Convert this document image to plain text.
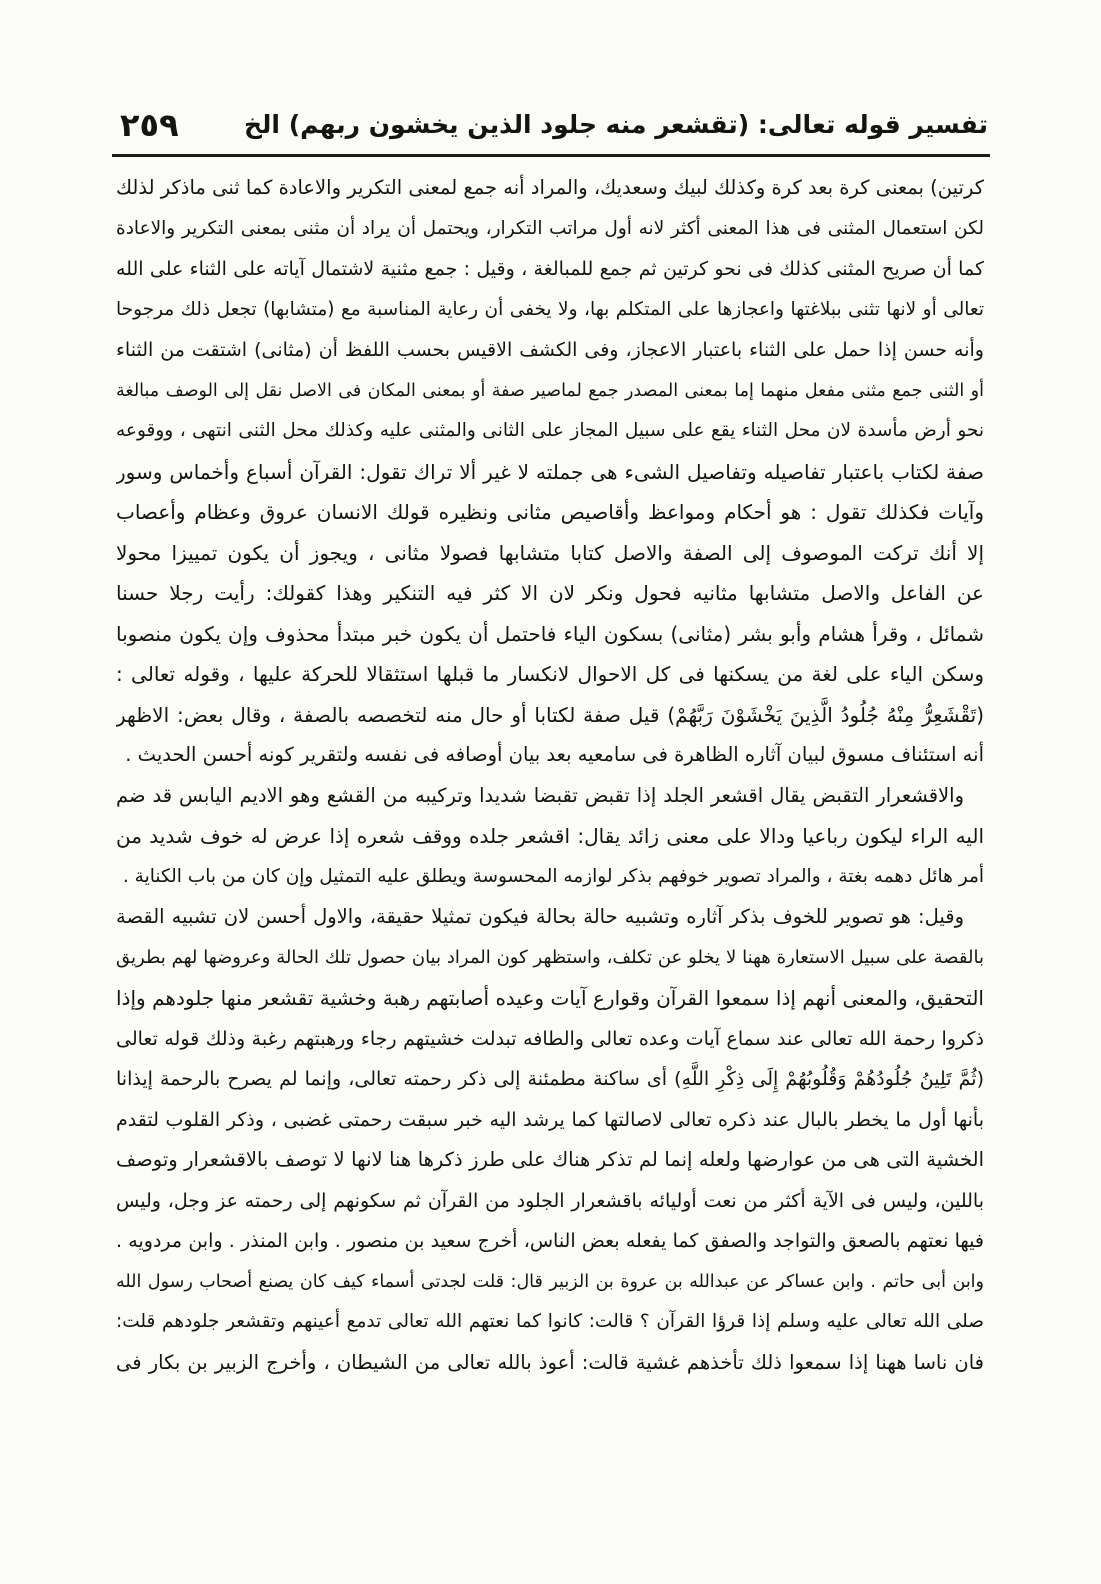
تفسير قوله تعالى: (تقشعر منه جلود الذين يخشون ربهم) الخ
٢٥٩
كرتين) بمعنى كرة بعد كرة وكذلك لبيك وسعديك، والمراد أنه جمع لمعنى التكرير والاعادة كما ثنى ماذكر لذلك
لكن استعمال المثنى فى هذا المعنى أكثر لانه أول مراتب التكرار، ويحتمل أن يراد أن مثنى بمعنى التكرير والاعادة
كما أن صريح المثنى كذلك فى نحو كرتين ثم جمع للمبالغة ، وقيل : جمع مثنية لاشتمال آياته على الثناء على الله
تعالى أو لانها تثنى ببلاغتها واعجازها على المتكلم بها، ولا يخفى أن رعاية المناسبة مع (متشابها) تجعل ذلك مرجوحا
وأنه حسن إذا حمل على الثناء باعتبار الاعجاز، وفى الكشف الاقيس بحسب اللفظ أن (مثانى) اشتقت من الثناء
أو الثنى جمع مثنى مفعل منهما إما بمعنى المصدر جمع لماصير صفة أو بمعنى المكان فى الاصل نقل إلى الوصف مبالغة
نحو أرض مأسدة لان محل الثناء يقع على سبيل المجاز على الثانى والمثنى عليه وكذلك محل الثنى انتهى ، ووقوعه
صفة لكتاب باعتبار تفاصيله وتفاصيل الشىء هى جملته لا غير ألا تراك تقول: القرآن أسباع وأخماس وسور
وآيات فكذلك تقول : هو أحكام ومواعظ وأقاصيص مثانى ونظيره قولك الانسان عروق وعظام وأعصاب
إلا أنك تركت الموصوف إلى الصفة والاصل كتابا متشابها فصولا مثانى ، ويجوز أن يكون تمييزا محولا
عن الفاعل والاصل متشابها مثانيه فحول ونكر لان الا كثر فيه التنكير وهذا كقولك: رأيت رجلا حسنا
شمائل ، وقرأ هشام وأبو بشر (مثانى) بسكون الياء فاحتمل أن يكون خبر مبتدأ محذوف وإن يكون منصوبا
وسكن الياء على لغة من يسكنها فى كل الاحوال لانكسار ما قبلها استثقالا للحركة عليها ، وقوله تعالى :
(تَقْشَعِرُّ مِنْهُ جُلُودُ الَّذِينَ يَخْشَوْنَ رَبَّهُمْ) قيل صفة لكتابا أو حال منه لتخصصه بالصفة ، وقال بعض: الاظهر
أنه استئناف مسوق لبيان آثاره الظاهرة فى سامعيه بعد بيان أوصافه فى نفسه ولتقرير كونه أحسن الحديث .
والاقشعرار التقبض يقال اقشعر الجلد إذا تقبض تقبضا شديدا وتركيبه من القشع وهو الاديم اليابس قد ضم
اليه الراء ليكون رباعيا ودالا على معنى زائد يقال: اقشعر جلده ووقف شعره إذا عرض له خوف شديد من
أمر هائل دهمه بغتة ، والمراد تصوير خوفهم بذكر لوازمه المحسوسة ويطلق عليه التمثيل وإن كان من باب الكناية .
وقيل: هو تصوير للخوف بذكر آثاره وتشبيه حالة بحالة فيكون تمثيلا حقيقة، والاول أحسن لان تشبيه القصة
بالقصة على سبيل الاستعارة ههنا لا يخلو عن تكلف، واستظهر كون المراد بيان حصول تلك الحالة وعروضها لهم بطريق
التحقيق، والمعنى أنهم إذا سمعوا القرآن وقوارع آيات وعيده أصابتهم رهبة وخشية تقشعر منها جلودهم وإذا
ذكروا رحمة الله تعالى عند سماع آيات وعده تعالى والطافه تبدلت خشيتهم رجاء ورهبتهم رغبة وذلك قوله تعالى
(ثُمَّ تَلِينُ جُلُودُهُمْ وَقُلُوبُهُمْ إِلَى ذِكْرِ اللَّهِ) أى ساكنة مطمئنة إلى ذكر رحمته تعالى، وإنما لم يصرح بالرحمة إيذانا
بأنها أول ما يخطر بالبال عند ذكره تعالى لاصالتها كما يرشد اليه خبر سبقت رحمتى غضبى ، وذكر القلوب لتقدم
الخشية التى هى من عوارضها ولعله إنما لم تذكر هناك على طرز ذكرها هنا لانها لا توصف بالاقشعرار وتوصف
باللين، وليس فى الآية أكثر من نعت أوليائه باقشعرار الجلود من القرآن ثم سكونهم إلى رحمته عز وجل، وليس
فيها نعتهم بالصعق والتواجد والصفق كما يفعله بعض الناس، أخرج سعيد بن منصور . وابن المنذر . وابن مردويه .
وابن أبى حاتم . وابن عساكر عن عبدالله بن عروة بن الزبير قال: قلت لجدتى أسماء كيف كان يصنع أصحاب رسول الله
صلى الله تعالى عليه وسلم إذا قرؤا القرآن ؟ قالت: كانوا كما نعتهم الله تعالى تدمع أعينهم وتقشعر جلودهم قلت:
فان ناسا ههنا إذا سمعوا ذلك تأخذهم غشية قالت: أعوذ بالله تعالى من الشيطان ، وأخرج الزبير بن بكار فى
